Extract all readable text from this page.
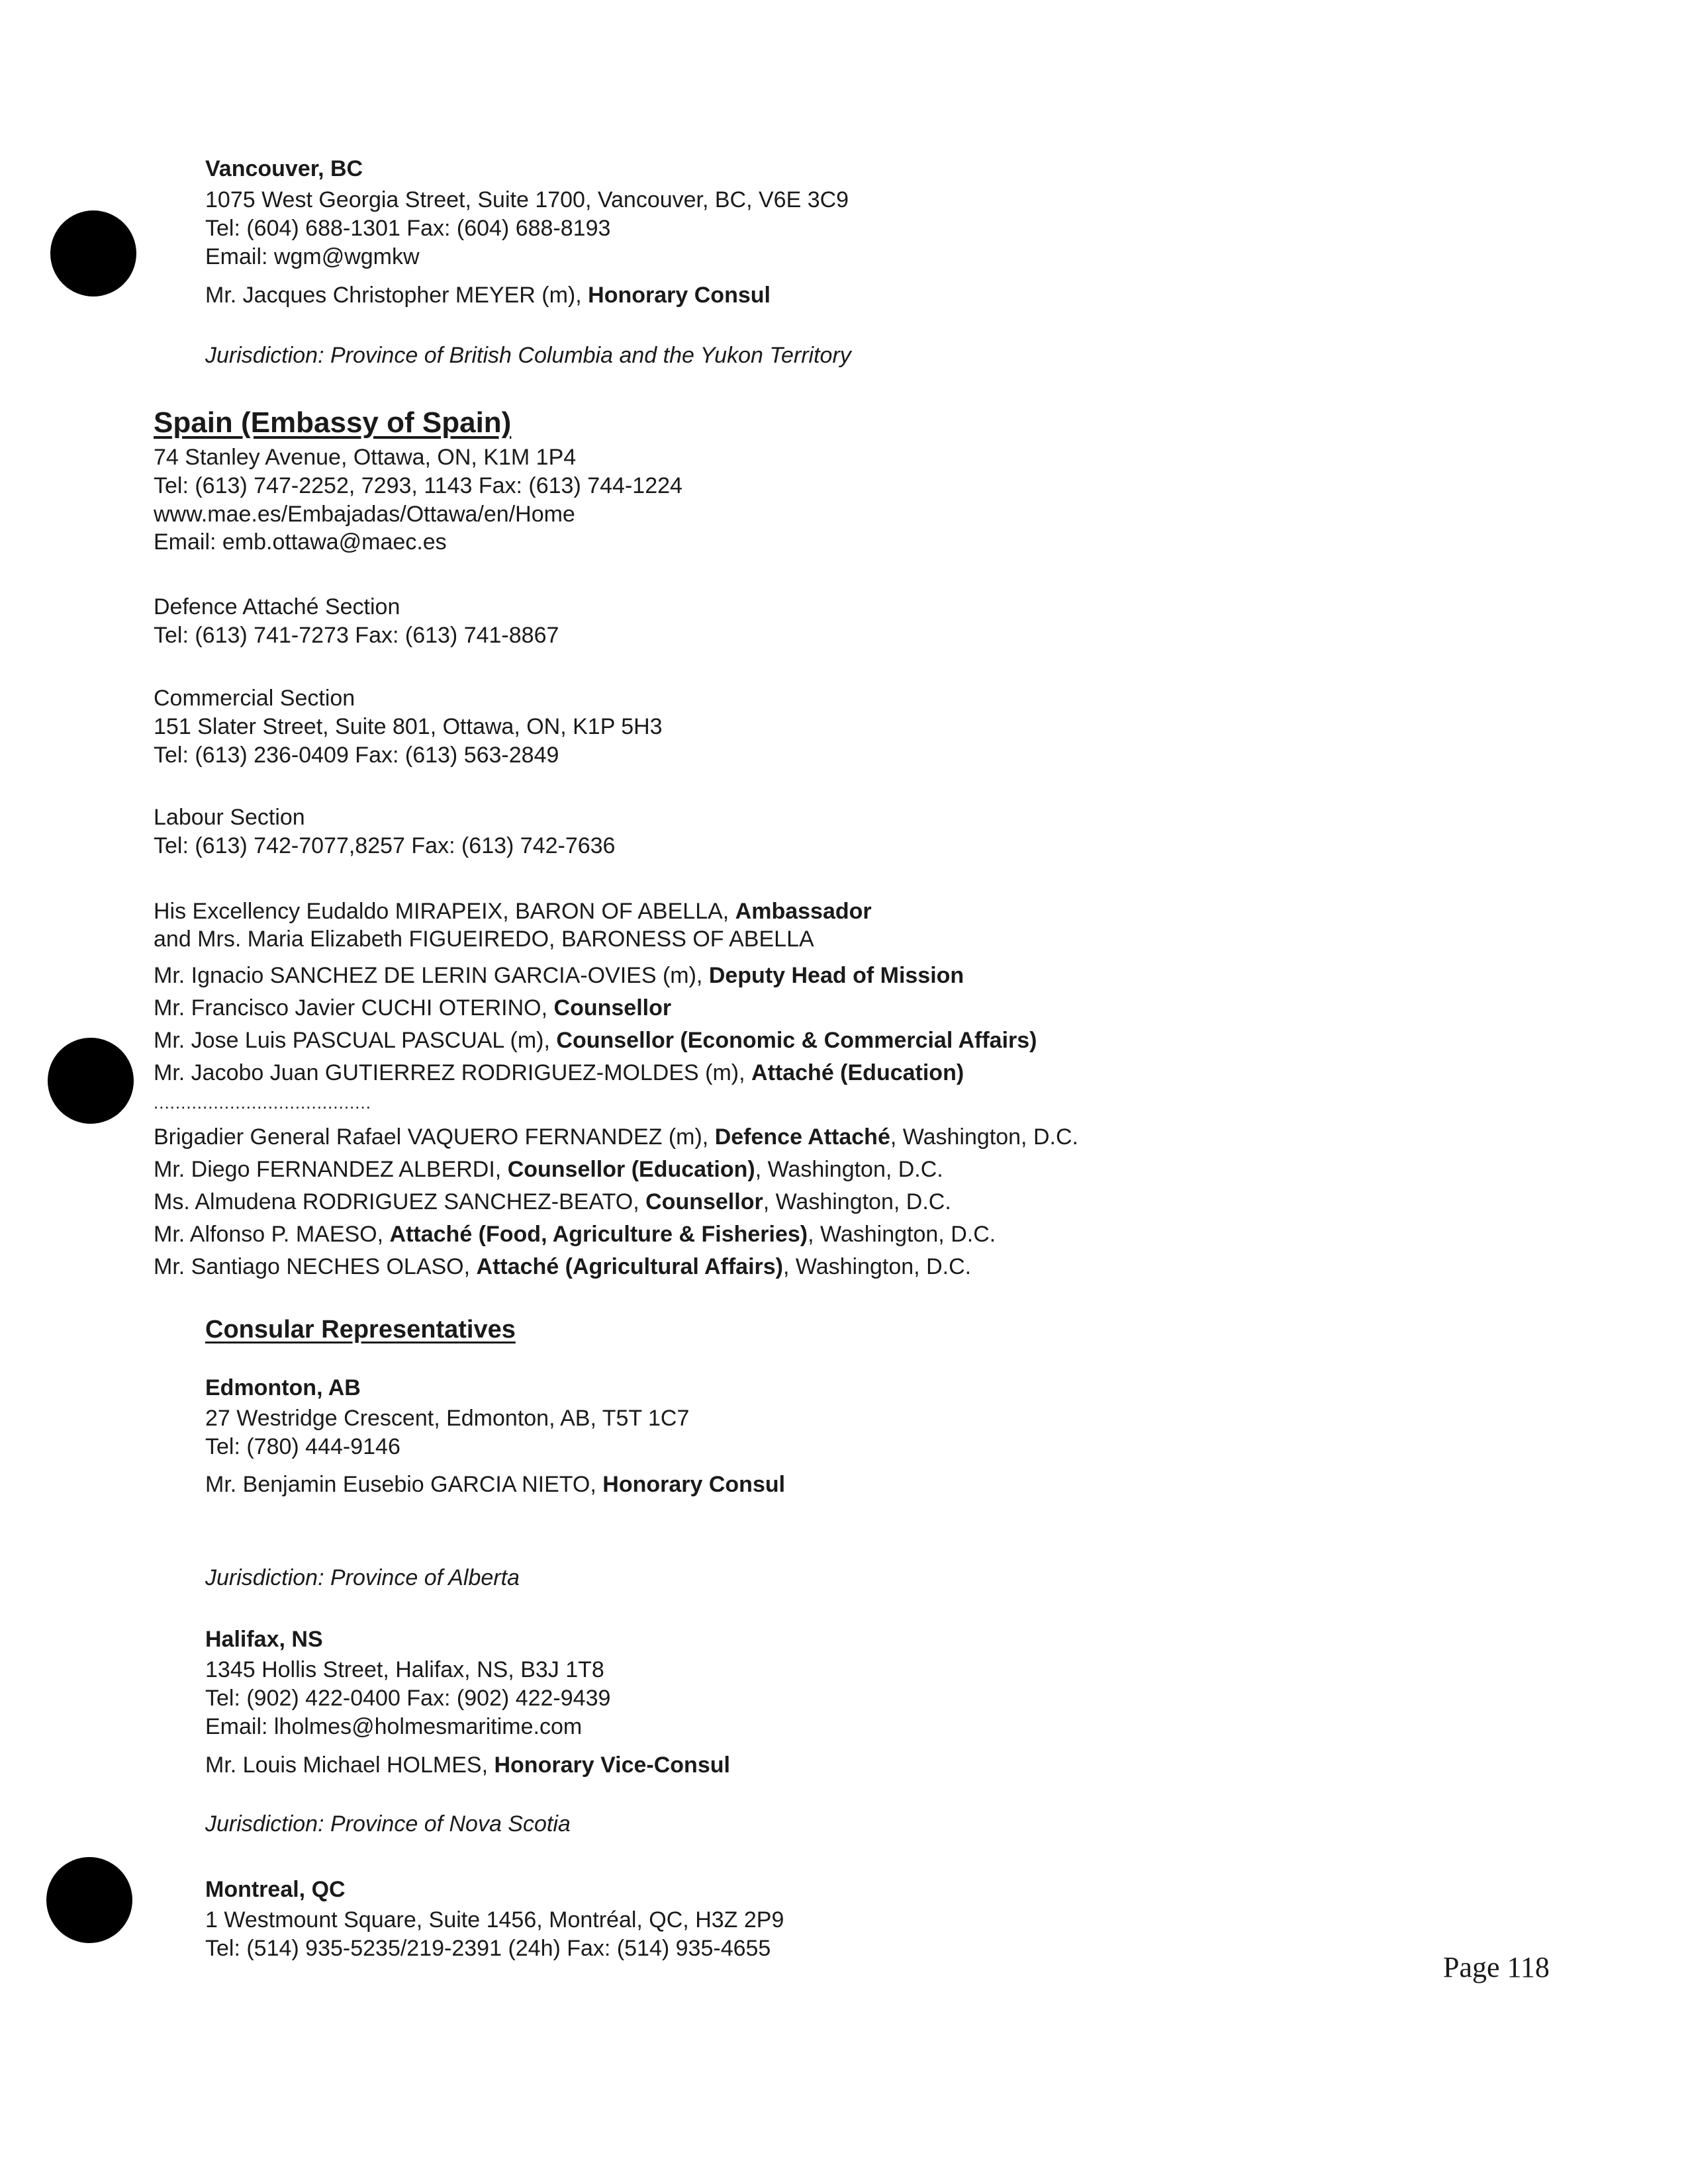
Vancouver, BC
1075 West Georgia Street, Suite 1700, Vancouver, BC, V6E 3C9
Tel: (604) 688-1301 Fax: (604) 688-8193
Email: wgm@wgmkw
Mr. Jacques Christopher MEYER (m), Honorary Consul
Jurisdiction: Province of British Columbia and the Yukon Territory
Spain (Embassy of Spain)
74 Stanley Avenue, Ottawa, ON, K1M 1P4
Tel: (613) 747-2252, 7293, 1143 Fax: (613) 744-1224
www.mae.es/Embajadas/Ottawa/en/Home
Email: emb.ottawa@maec.es
Defence Attaché Section
Tel: (613) 741-7273 Fax: (613) 741-8867
Commercial Section
151 Slater Street, Suite 801, Ottawa, ON, K1P 5H3
Tel: (613) 236-0409 Fax: (613) 563-2849
Labour Section
Tel: (613) 742-7077,8257 Fax: (613) 742-7636
His Excellency Eudaldo MIRAPEIX, BARON OF ABELLA, Ambassador
and Mrs. Maria Elizabeth FIGUEIREDO, BARONESS OF ABELLA
Mr. Ignacio SANCHEZ DE LERIN GARCIA-OVIES (m), Deputy Head of Mission
Mr. Francisco Javier CUCHI OTERINO, Counsellor
Mr. Jose Luis PASCUAL PASCUAL (m), Counsellor (Economic & Commercial Affairs)
Mr. Jacobo Juan GUTIERREZ RODRIGUEZ-MOLDES (m), Attaché (Education)
........................................
Brigadier General Rafael VAQUERO FERNANDEZ (m), Defence Attaché, Washington, D.C.
Mr. Diego FERNANDEZ ALBERDI, Counsellor (Education), Washington, D.C.
Ms. Almudena RODRIGUEZ SANCHEZ-BEATO, Counsellor, Washington, D.C.
Mr. Alfonso P. MAESO, Attaché (Food, Agriculture & Fisheries), Washington, D.C.
Mr. Santiago NECHES OLASO, Attaché (Agricultural Affairs), Washington, D.C.
Consular Representatives
Edmonton, AB
27 Westridge Crescent, Edmonton, AB, T5T 1C7
Tel: (780) 444-9146
Mr. Benjamin Eusebio GARCIA NIETO, Honorary Consul
Jurisdiction: Province of Alberta
Halifax, NS
1345 Hollis Street, Halifax, NS, B3J 1T8
Tel: (902) 422-0400 Fax: (902) 422-9439
Email: lholmes@holmesmaritime.com
Mr. Louis Michael HOLMES, Honorary Vice-Consul
Jurisdiction: Province of Nova Scotia
Montreal, QC
1 Westmount Square, Suite 1456, Montréal, QC, H3Z 2P9
Tel: (514) 935-5235/219-2391 (24h) Fax: (514) 935-4655
Page 118
